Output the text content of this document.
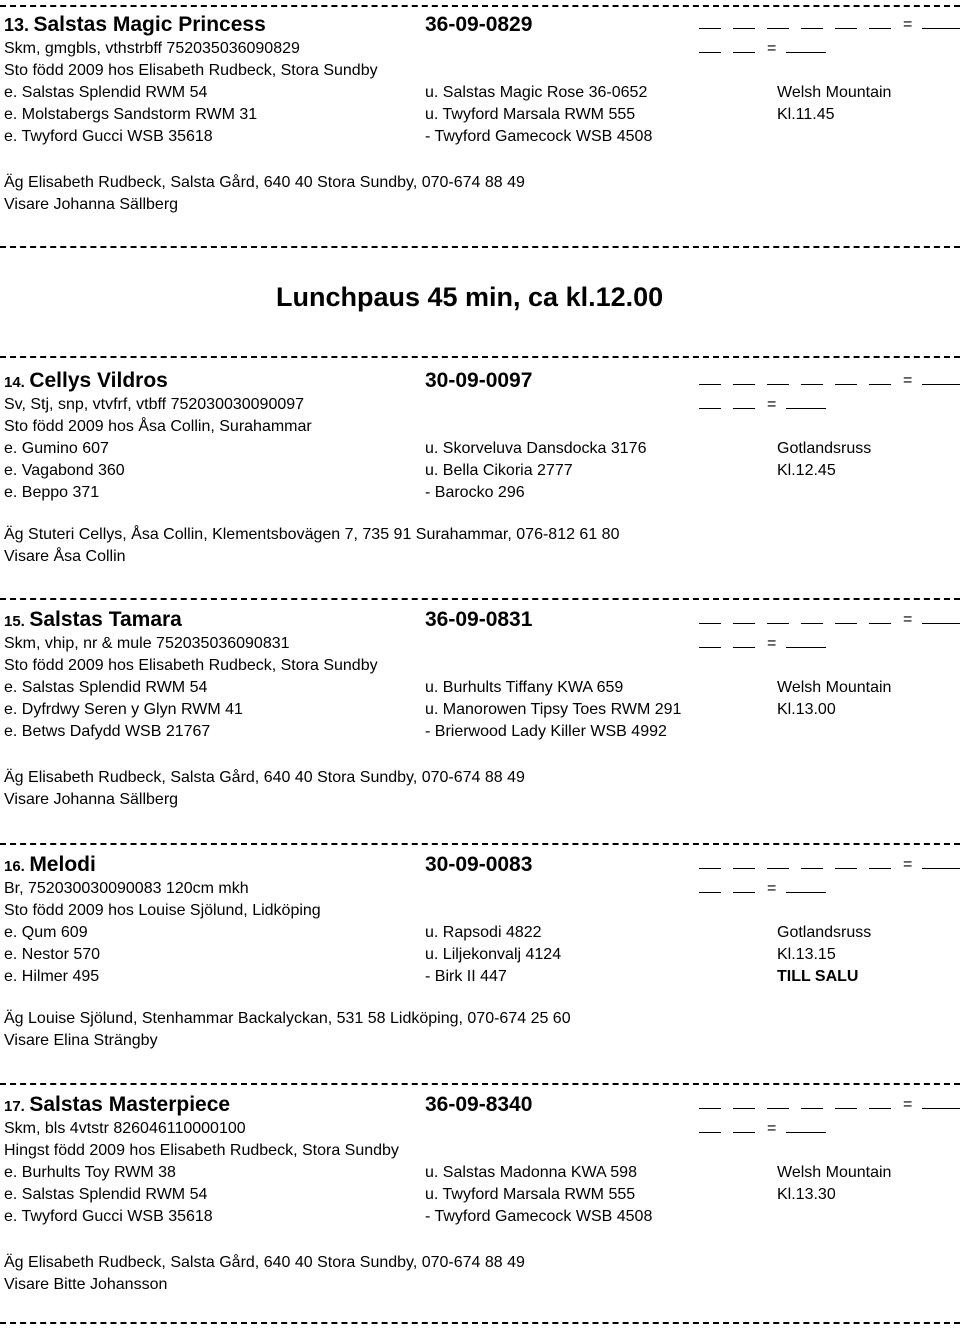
13. Salstas Magic Princess	36-09-0829	=
Skm, gmgbls, vthstrbff 752035036090829	=
Sto född 2009 hos Elisabeth Rudbeck, Stora Sundby
e. Salstas Splendid RWM 54	u. Salstas Magic Rose 36-0652	Welsh Mountain
e. Molstabergs Sandstorm RWM 31	u. Twyford Marsala RWM 555	Kl.11.45
e. Twyford Gucci WSB 35618	- Twyford Gamecock WSB 4508
Äg Elisabeth Rudbeck, Salsta Gård, 640 40 Stora Sundby, 070-674 88 49
Visare Johanna Sällberg
Lunchpaus 45 min, ca kl.12.00
14. Cellys Vildros	30-09-0097	=
Sv, Stj, snp, vtvfrf, vtbff 752030030090097	=
Sto född 2009 hos Åsa Collin, Surahammar
e. Gumino 607	u. Skorveluva Dansdocka 3176	Gotlandsruss
e. Vagabond 360	u. Bella Cikoria 2777	Kl.12.45
e. Beppo 371	- Barocko 296
Äg Stuteri Cellys, Åsa Collin, Klementsbovägen 7, 735 91 Surahammar, 076-812 61 80
Visare Åsa Collin
15. Salstas Tamara	36-09-0831	=
Skm, vhip, nr & mule 752035036090831	=
Sto född 2009 hos Elisabeth Rudbeck, Stora Sundby
e. Salstas Splendid RWM 54	u. Burhults Tiffany KWA 659	Welsh Mountain
e. Dyfrdwy Seren y Glyn RWM 41	u. Manorowen Tipsy Toes RWM 291	Kl.13.00
e. Betws Dafydd WSB 21767	- Brierwood Lady Killer WSB 4992
Äg Elisabeth Rudbeck, Salsta Gård, 640 40 Stora Sundby, 070-674 88 49
Visare Johanna Sällberg
16. Melodi	30-09-0083	=
Br, 752030030090083 120cm mkh	=
Sto född 2009 hos Louise Sjölund, Lidköping
e. Qum 609	u. Rapsodi 4822	Gotlandsruss
e. Nestor 570	u. Liljekonvalj 4124	Kl.13.15
e. Hilmer 495	- Birk II 447	TILL SALU
Äg Louise Sjölund, Stenhammar Backalyckan, 531 58 Lidköping, 070-674 25 60
Visare Elina Strängby
17. Salstas Masterpiece	36-09-8340	=
Skm, bls 4vtstr 826046110000100	=
Hingst född 2009 hos Elisabeth Rudbeck, Stora Sundby
e. Burhults Toy RWM 38	u. Salstas Madonna KWA 598	Welsh Mountain
e. Salstas Splendid RWM 54	u. Twyford Marsala RWM 555	Kl.13.30
e. Twyford Gucci WSB 35618	- Twyford Gamecock WSB 4508
Äg Elisabeth Rudbeck, Salsta Gård, 640 40 Stora Sundby, 070-674 88 49
Visare Bitte Johansson
